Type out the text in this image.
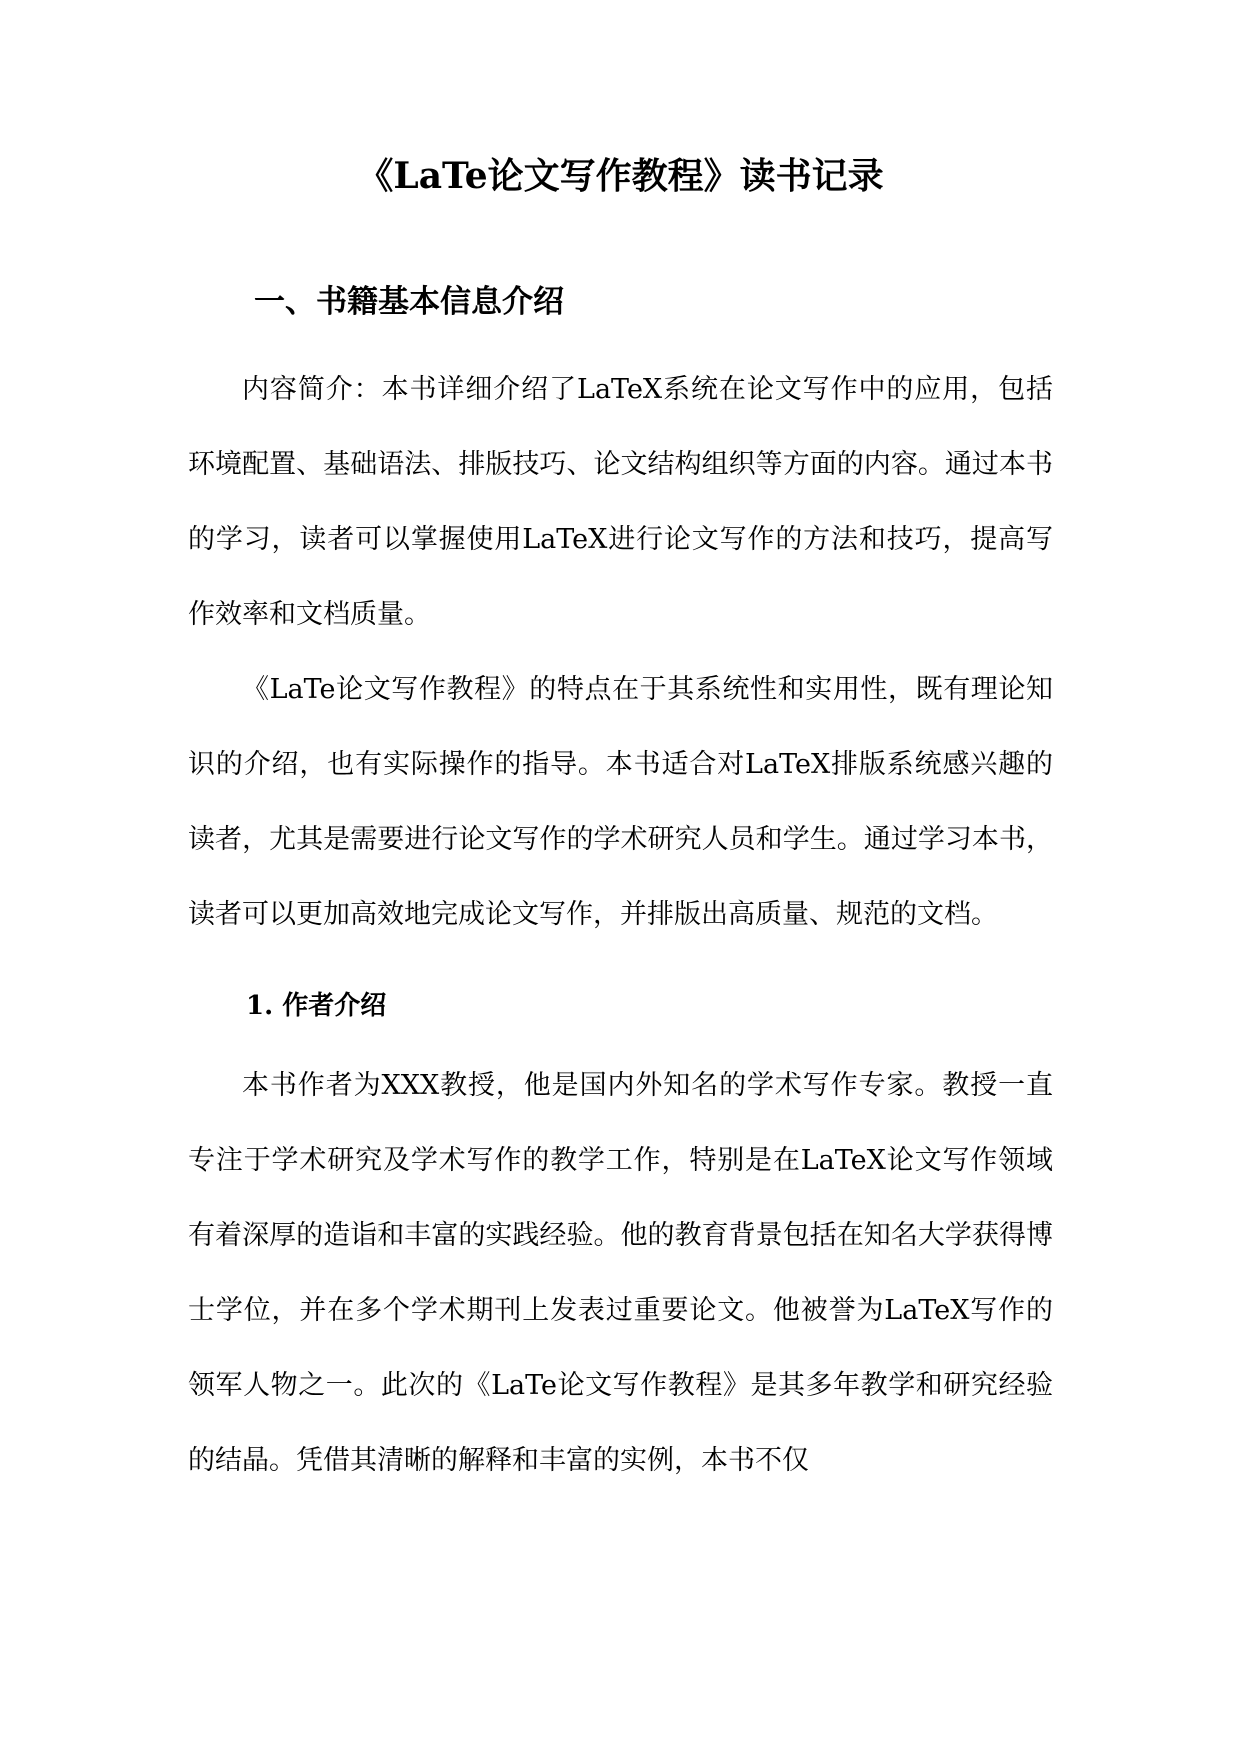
《LaTe论文写作教程》读书记录
一、书籍基本信息介绍

内容简介：本书详细介绍了LaTeX系统在论文写作中的应用，包括环境配置、基础语法、排版技巧、论文结构组织等方面的内容。通过本书的学习，读者可以掌握使用LaTeX进行论文写作的方法和技巧，提高写作效率和文档质量。

《LaTe论文写作教程》的特点在于其系统性和实用性，既有理论知识的介绍，也有实际操作的指导。本书适合对LaTeX排版系统感兴趣的读者，尤其是需要进行论文写作的学术研究人员和学生。通过学习本书，读者可以更加高效地完成论文写作，并排版出高质量、规范的文档。

1. 作者介绍

本书作者为XXX教授，他是国内外知名的学术写作专家。教授一直专注于学术研究及学术写作的教学工作，特别是在LaTeX论文写作领域有着深厚的造诣和丰富的实践经验。他的教育背景包括在知名大学获得博士学位，并在多个学术期刊上发表过重要论文。他被誉为LaTeX写作的领军人物之一。此次的《LaTe论文写作教程》是其多年教学和研究经验的结晶。凭借其清晰的解释和丰富的实例，本书不仅
